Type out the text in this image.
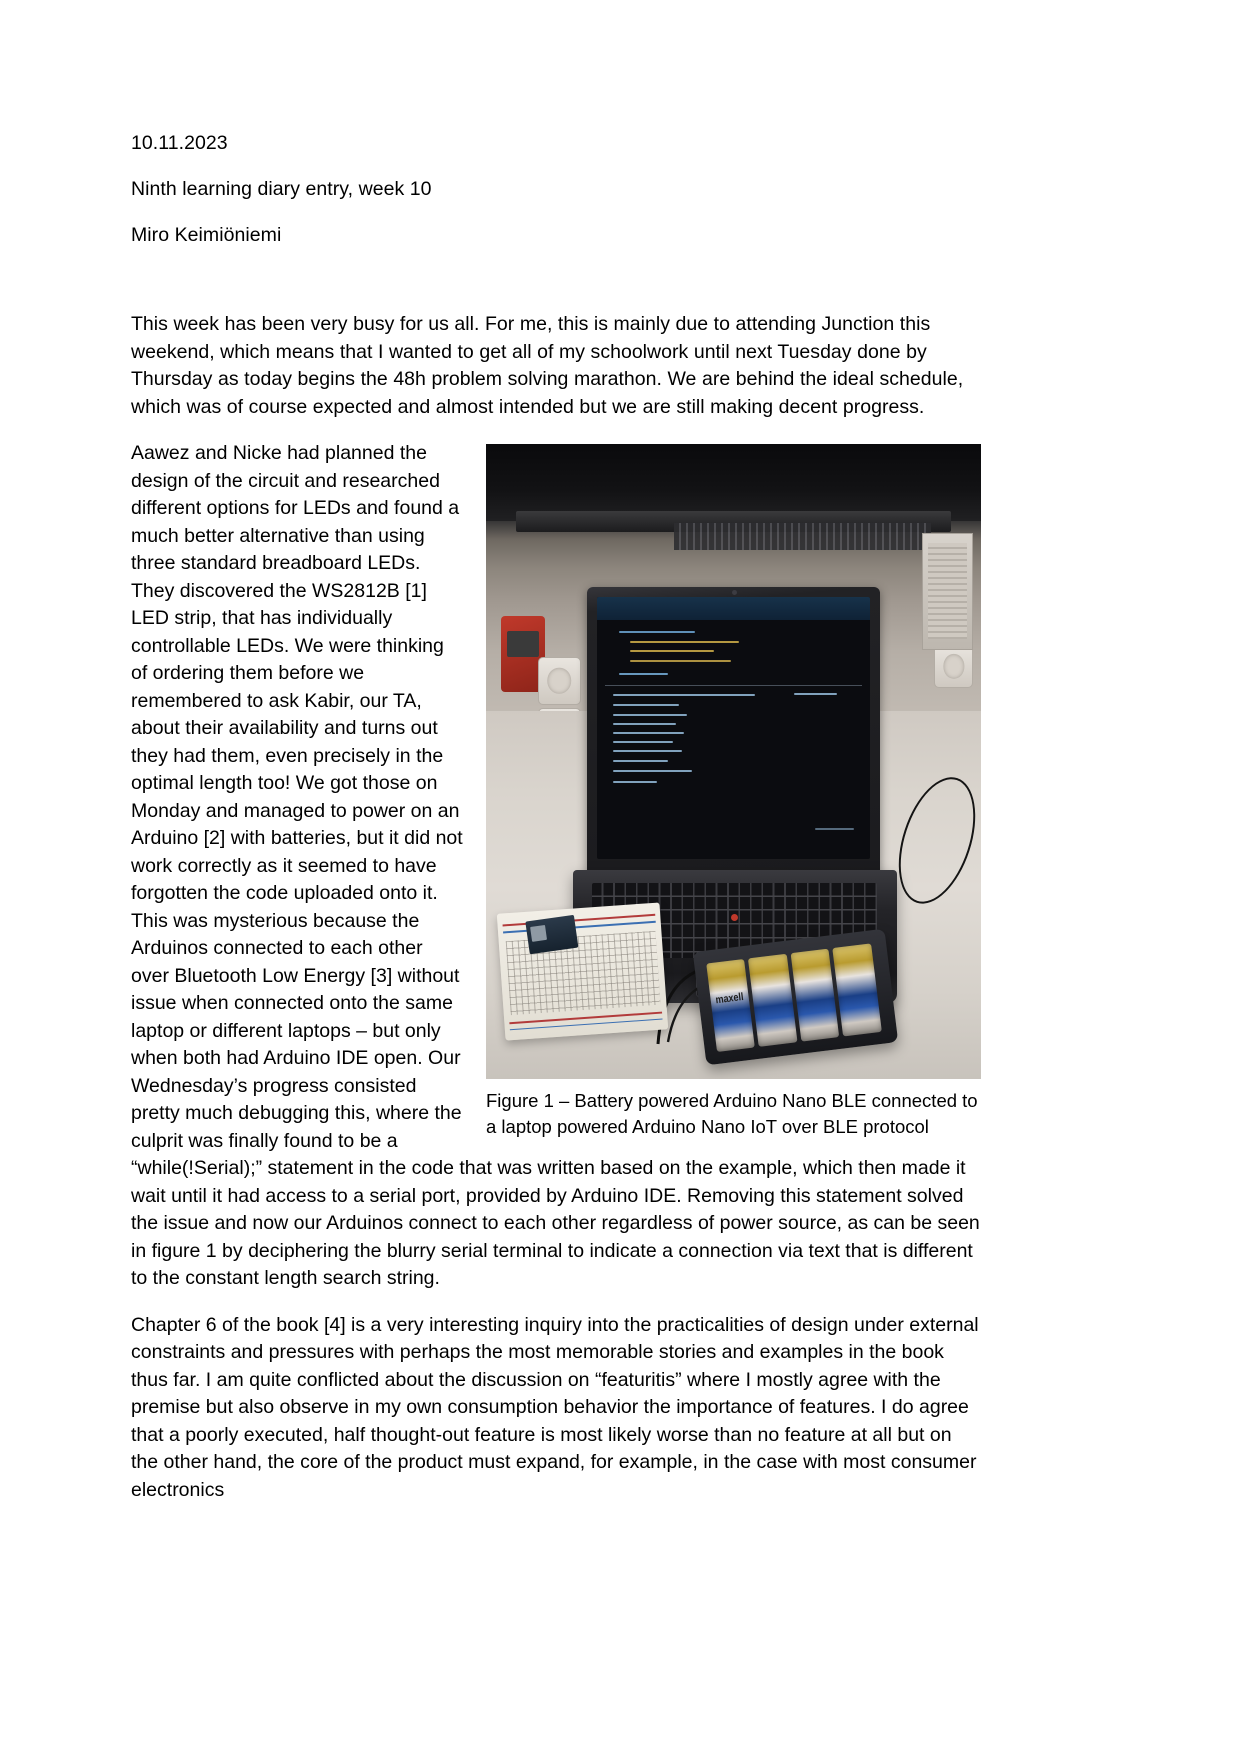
10.11.2023
Ninth learning diary entry, week 10
Miro Keimiöniemi

This week has been very busy for us all. For me, this is mainly due to attending Junction this weekend, which means that I wanted to get all of my schoolwork until next Tuesday done by Thursday as today begins the 48h problem solving marathon. We are behind the ideal schedule, which was of course expected and almost intended but we are still making decent progress.

maxell
Figure 1 – Battery powered Arduino Nano BLE connected to a laptop powered Arduino Nano IoT over BLE protocol

Aawez and Nicke had planned the design of the circuit and researched different options for LEDs and found a much better alternative than using three standard breadboard LEDs. They discovered the WS2812B [1] LED strip, that has individually controllable LEDs. We were thinking of ordering them before we remembered to ask Kabir, our TA, about their availability and turns out they had them, even precisely in the optimal length too! We got those on Monday and managed to power on an Arduino [2] with batteries, but it did not work correctly as it seemed to have forgotten the code uploaded onto it. This was mysterious because the Arduinos connected to each other over Bluetooth Low Energy [3] without issue when connected onto the same laptop or different laptops – but only when both had Arduino IDE open. Our Wednesday’s progress consisted pretty much debugging this, where the culprit was finally found to be a “while(!Serial);” statement in the code that was written based on the example, which then made it wait until it had access to a serial port, provided by Arduino IDE. Removing this statement solved the issue and now our Arduinos connect to each other regardless of power source, as can be seen in figure 1 by deciphering the blurry serial terminal to indicate a connection via text that is different to the constant length search string.

Chapter 6 of the book [4] is a very interesting inquiry into the practicalities of design under external constraints and pressures with perhaps the most memorable stories and examples in the book thus far. I am quite conflicted about the discussion on “featuritis” where I mostly agree with the premise but also observe in my own consumption behavior the importance of features. I do agree that a poorly executed, half thought-out feature is most likely worse than no feature at all but on the other hand, the core of the product must expand, for example, in the case with most consumer electronics
